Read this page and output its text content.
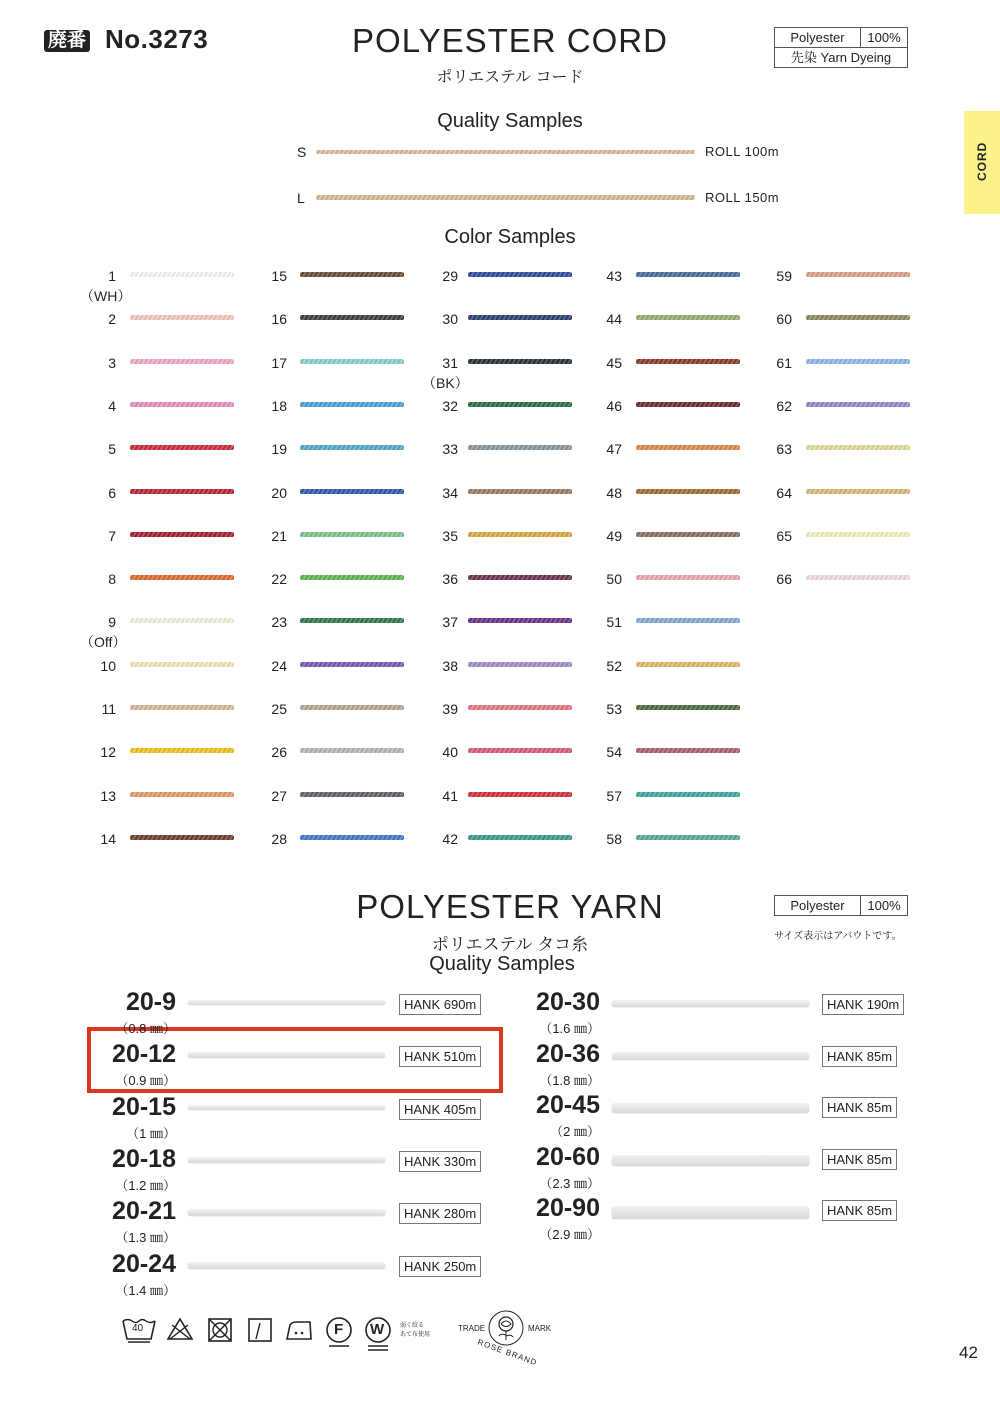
廃番 No.3273	POLYESTER CORD
ポリエステル コード
Polyester	100%
先染 Yarn Dyeing
CORD
Quality Samples
S	ROLL 100m
L	ROLL 150m
Color Samples
1
（WH）
2
3
4
5
6
7
8
9
（Off）
10
11
12
13
14
15
16
17
18
19
20
21
22
23
24
25
26
27
28
29
30
31
（BK）
32
33
34
35
36
37
38
39
40
41
42
43
44
45
46
47
48
49
50
51
52
53
54
57
58
59
60
61
62
63
64
65
66
POLYESTER YARN
ポリエステル タコ糸
Quality Samples
Polyester	100%
サイズ表示はアバウトです。
20-9
（0.8 ㎜）
HANK 690m
20-12
（0.9 ㎜）
HANK 510m
20-15
（1 ㎜）
HANK 405m
20-18
（1.2 ㎜）
HANK 330m
20-21
（1.3 ㎜）
HANK 280m
20-24
（1.4 ㎜）
HANK 250m
20-30
（1.6 ㎜）
HANK 190m
20-36
（1.8 ㎜）
HANK 85m
20-45
（2 ㎜）
HANK 85m
20-60
（2.3 ㎜）
HANK 85m
20-90
（2.9 ㎜）
HANK 85m
40	F W	弱く絞る
あて布使用
TRADE	MARK
ROSE BRAND	42
